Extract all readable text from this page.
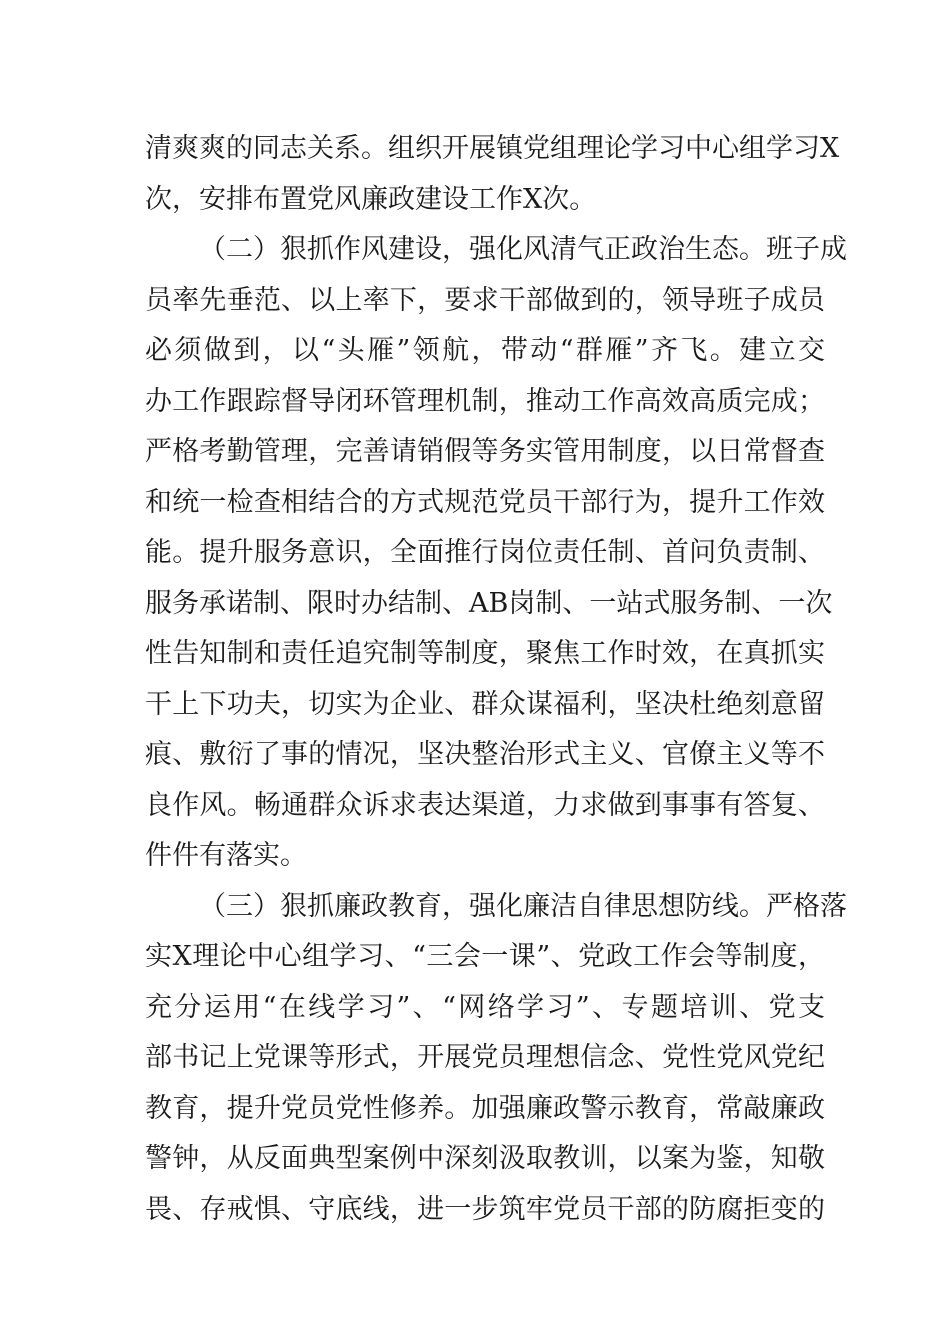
清爽爽的同志关系。组织开展镇党组理论学习中心组学习X
次，安排布置党风廉政建设工作X次。
（二）狠抓作风建设，强化风清气正政治生态。班子成
员率先垂范、以上率下，要求干部做到的，领导班子成员
必须做到，以“头雁”领航，带动“群雁”齐飞。建立交
办工作跟踪督导闭环管理机制，推动工作高效高质完成；
严格考勤管理，完善请销假等务实管用制度，以日常督查
和统一检查相结合的方式规范党员干部行为，提升工作效
能。提升服务意识，全面推行岗位责任制、首问负责制、
服务承诺制、限时办结制、AB岗制、一站式服务制、一次
性告知制和责任追究制等制度，聚焦工作时效，在真抓实
干上下功夫，切实为企业、群众谋福利，坚决杜绝刻意留
痕、敷衍了事的情况，坚决整治形式主义、官僚主义等不
良作风。畅通群众诉求表达渠道，力求做到事事有答复、
件件有落实。
（三）狠抓廉政教育，强化廉洁自律思想防线。严格落
实X理论中心组学习、“三会一课”、党政工作会等制度，
充分运用“在线学习”、“网络学习”、专题培训、党支
部书记上党课等形式，开展党员理想信念、党性党风党纪
教育，提升党员党性修养。加强廉政警示教育，常敲廉政
警钟，从反面典型案例中深刻汲取教训，以案为鉴，知敬
畏、存戒惧、守底线，进一步筑牢党员干部的防腐拒变的
